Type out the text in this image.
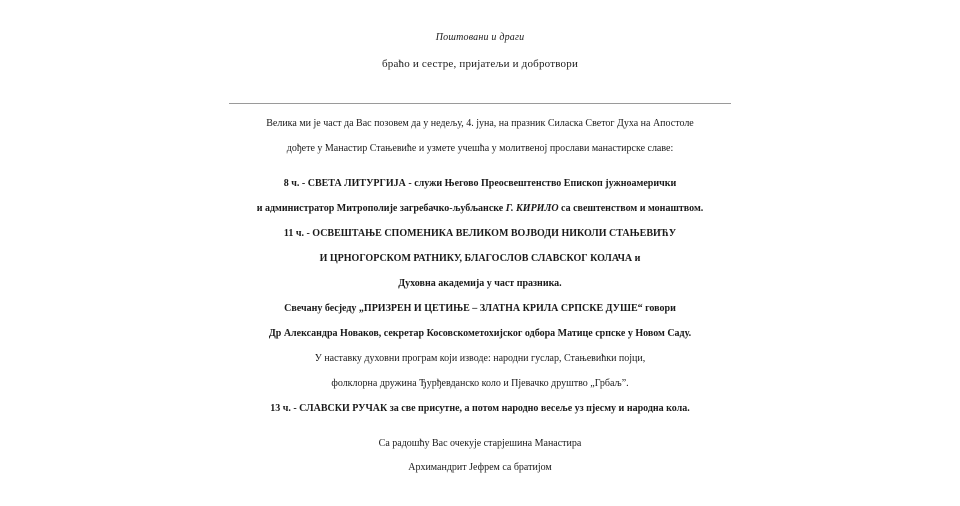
Поштовани и драги
браћо и сестре, пријатељи и добротвори
Велика ми је част да Вас позовем да у недељу, 4. јуна, на празник Силаска Светог Духа на Апостоле
дођете у Манастир Стањевиће и узмете учешћа у молитвеној прослави манастирске славе:
8 ч. - СВЕТА ЛИТУРГИЈА - служи Његово Преосвештенство Епископ јужноамерички
и администратор Митрополије загребачко-љубљанске Г. КИРИЛО са свештенством и монаштвом.
11 ч. - ОСВЕШТАЊЕ СПОМЕНИКА ВЕЛИКОМ ВОЈВОДИ НИКОЛИ СТАЊЕВИЋУ
И ЦРНОГОРСКОМ РАТНИКУ, БЛАГОСЛОВ СЛАВСКОГ КОЛАЧА и
Духовна академија у част празника.
Свечану бесједу „ПРИЗРЕН И ЦЕТИЊЕ – ЗЛАТНА КРИЛА СРПСКЕ ДУШЕ“ говори
Др Александра Новаков, секретар Косовскометохијског одбора Матице српске у Новом Саду.
У наставку духовни програм који изводе: народни гуслар, Стањевићки појци,
фолклорна дружина Ђурђевданско коло и Пјевачко друштво „Грбаљ”.
13 ч. - СЛАВСКИ РУЧАК за све присутне, а потом народно весеље уз пјесму и народна кола.
Са радошћу Вас очекује старјешина Манастира
Архимандрит Јефрем са братијом
